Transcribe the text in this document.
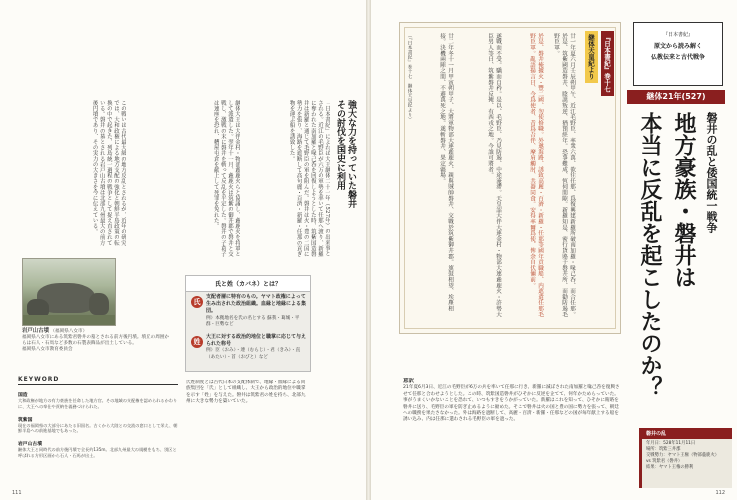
強大な力を持っていた磐井
その討伐を国史に利用
「日本書紀」によれば大王継体二十一年（527年）の出来事とされる。近江の毛野臣が六万の軍勢を率いて任那へ渡り、新羅に奪われた南加羅と喙己呑を回復しようとした時、筑紫国造磐井は新羅と通じて毛野臣の軍を阻んだ。磐井は火・豊の二国に勢力を張り、海路を遮断して高句麗・百済・新羅・任那の貢ぎ物を運ぶ船を誘致した。
継体大王は大伴金村・物部麁鹿火らと協議し、麁鹿火を将軍として派遣した。翌年十一月、麁鹿火は筑紫の御井郡で磐井と交戦し、激戦の末に磐井を斬って反乱を平定した。磐井の子葛子は連座を恐れ、糟屋屯倉を献上して死罪を免れた。
この戦いは古代最大級の地方反乱とされるが、近年の研究では、大和政権による地方支配の強化と朝鮮半島政策の転換の中で起きた、列島統一過程の戦争として捉え直されている。磐井の墓とされる岩戸山古墳は北部九州最大の前方後円墳であり、その実力の大きさを今に伝えている。
岩戸山古墳 （福岡県八女市）
福岡県八女市にある筑紫君磐井の墓とされる前方後円墳。墳丘の周囲からは石人・石馬など多数の石製表飾品が出土している。
福岡県八女市教育委員会
KEYWORD
国造
大和政権が地方の有力豪族を任命した地方官。その地域の支配権を認められるかわりに、大王への奉仕や貢納を義務づけられた。
筑紫国
現在の福岡県の大部分にあたる旧国名。古くから大陸との交流の窓口として栄え、朝鮮半島への前進基地でもあった。
岩戸山古墳
継体大王と同時代の前方後円墳で全長約135m。北部九州最大の規模をもち、別区と呼ばれる方形区画から石人・石馬が出土。
氏と姓（カバネ）とは？
氏	支配者層に特有のもの。ヤマト政権によって生み出された政治組織。血縁と地縁による集団。
例）本拠地名を氏の名とする 蘇我・葛城・平群・巨勢など
姓	大王に対する政治的地位と職掌に応じて与えられた称号
例）臣（おみ）・連（むらじ）・君（きみ）・直（あたい）・首（おびと）など
氏姓制度とは古代日本の支配体制で、地縁・血縁による同族集団を「氏」として組織し、大王から政治的地位や職掌を示す「姓」を与えた。磐井は筑紫君の姓を持ち、北部九州に大きな勢力を築いていた。
111
『日本書紀』巻十七
継体天皇紀より
廿一年夏六月壬辰朔甲午、近江毛野臣、率衆六萬、欲往任那、爲復興建新羅所破南加羅・喙己呑、而合任那。於是、筑紫國造磐井、陰謨叛逆、猶預經年。恐事難成、恆伺間隙。新羅知是、密行貨賂于磐井所、而勸防遏毛野臣軍。
於是、磐井掩據火・豐二國、勿使修職。外邀海路、誘致高麗・百濟・新羅・任那等國年貢職船、内遮遣任那毛野臣軍。亂語揚言曰、今爲使者、昔爲吾伴、摩肩觸肘、共器同食。安得率爾爲使、俾余自伏儞前。
遂戰而不受。驕而自矜。是以、毛野臣、乃見防遏、中途淹滯。天皇詔大伴大連金村・物部大連麁鹿火・許勢大臣男人等曰、筑紫磐井反掩、有西戎之地。今誰可將者。
廿二年冬十一月甲寅朔甲子、大將軍物部大連麁鹿火、親與賊帥磐井、交戰於筑紫御井郡。旗鼓相望、埃塵相接。決機兩陣之間、不避萬死之地。遂斬磐井、果定疆場。
（『日本書紀』巻十七　継体天皇紀より）	『日本書紀』
原文から読み解く
仏教伝来と古代戦争
継体21年(527)
磐井の乱と倭国統一戦争
地方豪族・磐井は
本当に反乱を起こしたのか？
意訳
21年夏6月3日、近江の毛野臣が6万の兵を率いて任那に行き、新羅に滅ぼされた南加羅と喙己呑を復興させて任那と合わせようとした。この時、筑紫国造磐井がひそかに反逆を企てて、何年かためらっていた。事がうまくいかないことを恐れて、いつもすきをうかがっていた。新羅はこれを知って、ひそかに賄賂を磐井に送り、毛野臣の軍を防ぎ止めるように勧めた。そこで磐井は火の国と豊の国に勢力を張って、朝廷への職務を果たさなかった。外は海路を遮断して、高麗・百済・新羅・任那などの国が毎年献上する船を誘い込み、内は任那に遣わされる毛野臣の軍を遮った。
磐井の乱
年月日：528年11月11日
場所：筑紫三井郡
交戦勢力：ヤマト王権（物部麁鹿火）
vs 筑紫君（磐井）
結果：ヤマト王権の勝利
112
